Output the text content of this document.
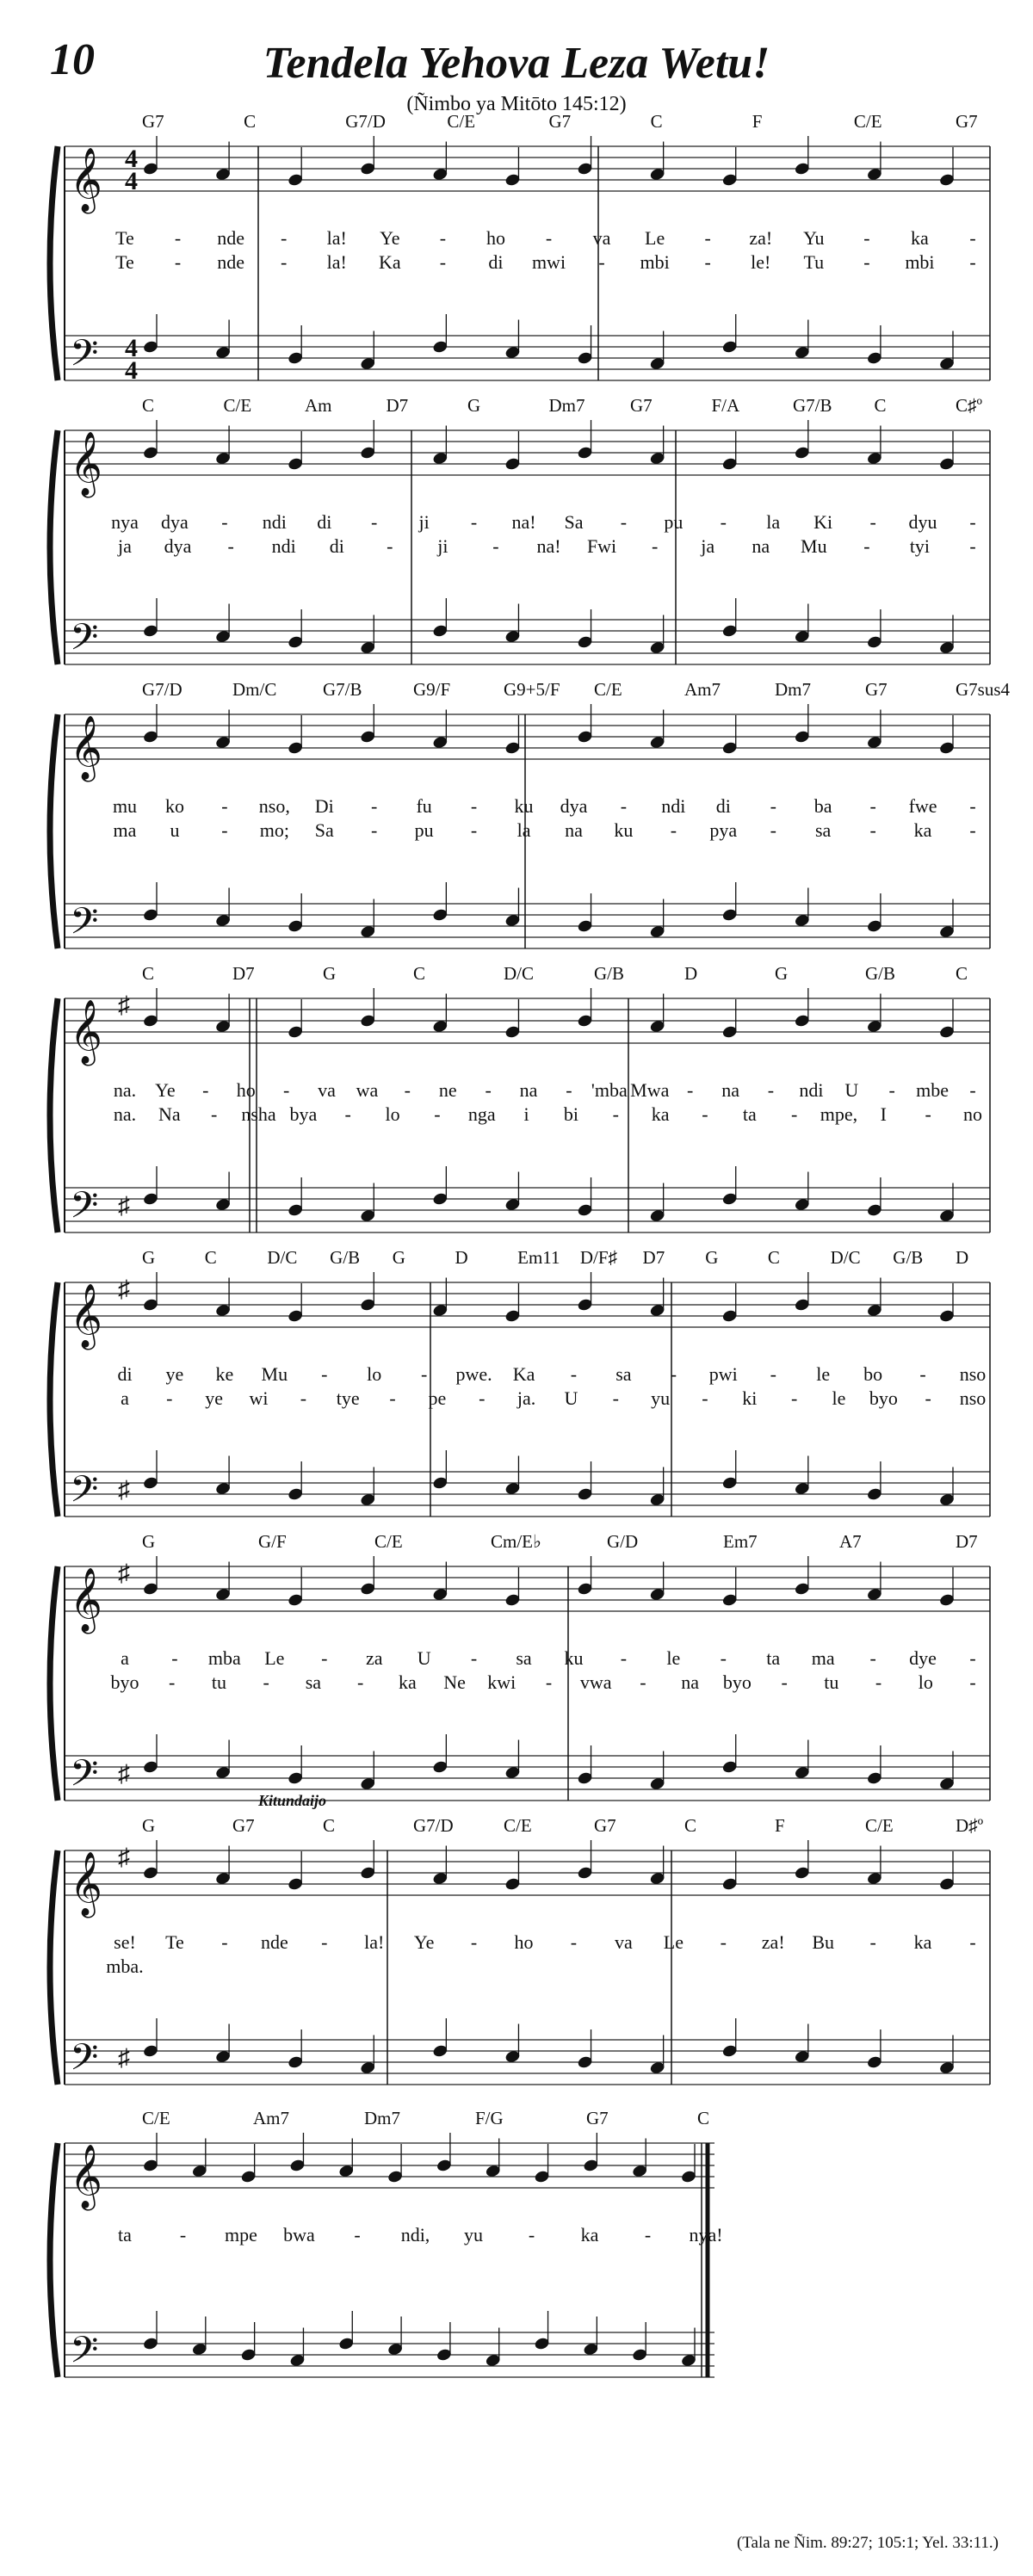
10	Tendela Yehova Leza Wetu!
(Ñimbo ya Mitōto 145:12)
𝄞
𝄢
4
4
4
4
G7	C	G7/D	C/E	G7	C	F	C/E	G7
Te - nde - la! Ye - ho - va Le - za! Yu - ka -
Te - nde - la! Ka - di mwi - mbi - le! Tu - mbi -
𝄞
𝄢
C	C/E	Am	D7	G	Dm7	G7	F/A	G7/B C	C♯º
nya dya - ndi di - ji - na! Sa - pu - la Ki - dyu -
ja dya - ndi di - ji - na! Fwi - ja na Mu - tyi -
𝄞
𝄢
G7/D	Dm/C	G7/B	G9/F	G9+5/F C/E	Am7	Dm7	G7	G7sus4
mu ko - nso, Di - fu - ku dya - ndi di - ba - fwe -
ma u - mo; Sa - pu - la na ku - pya - sa - ka -
𝄞
𝄢
♯
♯
C	D7	G	C	D/C	G/B	D	G	G/B	C
na. Ye - ho - va wa - ne - na - 'mba Mwa - na - ndi U - mbe -
na. Na - nsha bya - lo - nga i bi - ka - ta - mpe, I - no
𝄞
𝄢
♯
♯
G	C	D/C G/B G	D	Em11 D/F♯ D7 G	C	D/C G/B D
di ye ke Mu - lo - pwe. Ka - sa - pwi - le bo - nso
a - ye wi - tye - pe - ja. U - yu - ki - le byo - nso
𝄞
𝄢
♯
♯
G	G/F	C/E	Cm/E♭	G/D	Em7	A7	D7
a - mba Le - za U - sa ku - le - ta ma - dye -
byo - tu - sa - ka Ne kwi - vwa - na byo - tu - lo -
𝄞
𝄢
♯
♯
G	G7	C	G7/D	C/E	G7	C	F	C/E	D♯º
se! Te - nde - la! Ye - ho - va Le - za! Bu - ka -
mba.
Kitundaijo
𝄞
𝄢
C/E	Am7	Dm7	F/G	G7	C
ta	- mpe bwa - ndi, yu - ka - nya!
(Tala ne Ñim. 89:27; 105:1; Yel. 33:11.)
